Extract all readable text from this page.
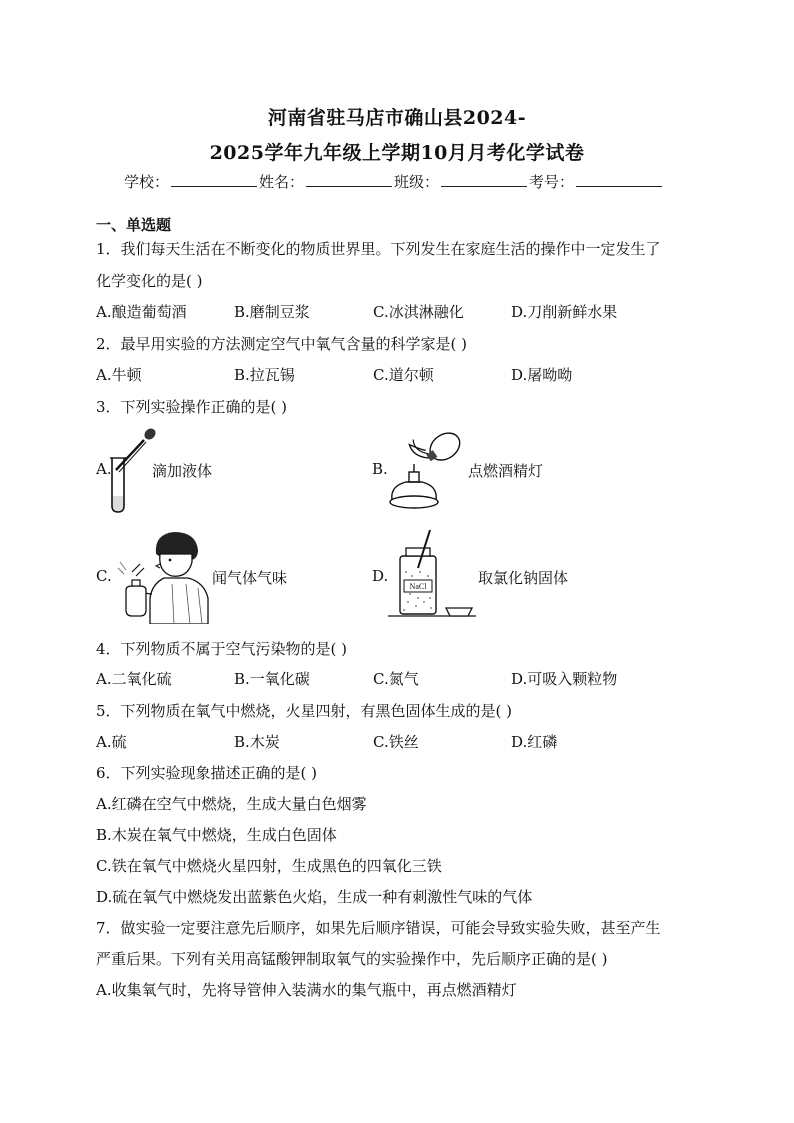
河南省驻马店市确山县2024-
2025学年九年级上学期10月月考化学试卷
学校：	姓名：	班级：	考号：
一、单选题
1．我们每天生活在不断变化的物质世界里。下列发生在家庭生活的操作中一定发生了
化学变化的是( )
A.酿造葡萄酒	B.磨制豆浆	C.冰淇淋融化	D.刀削新鲜水果
2．最早用实验的方法测定空气中氧气含量的科学家是( )
A.牛顿	B.拉瓦锡	C.道尔顿	D.屠呦呦
3．下列实验操作正确的是( )
A.	滴加液体	B.	点燃酒精灯
C.	闻气体气味	D.
NaCl	取氯化钠固体
4．下列物质不属于空气污染物的是( )
A.二氧化硫	B.一氧化碳	C.氮气	D.可吸入颗粒物
5．下列物质在氧气中燃烧，火星四射，有黑色固体生成的是( )
A.硫	B.木炭	C.铁丝	D.红磷
6．下列实验现象描述正确的是( )
A.红磷在空气中燃烧，生成大量白色烟雾
B.木炭在氧气中燃烧，生成白色固体
C.铁在氧气中燃烧火星四射，生成黑色的四氧化三铁
D.硫在氧气中燃烧发出蓝紫色火焰，生成一种有刺激性气味的气体
7．做实验一定要注意先后顺序，如果先后顺序错误，可能会导致实验失败，甚至产生
严重后果。下列有关用高锰酸钾制取氧气的实验操作中，先后顺序正确的是( )
A.收集氧气时，先将导管伸入装满水的集气瓶中，再点燃酒精灯
